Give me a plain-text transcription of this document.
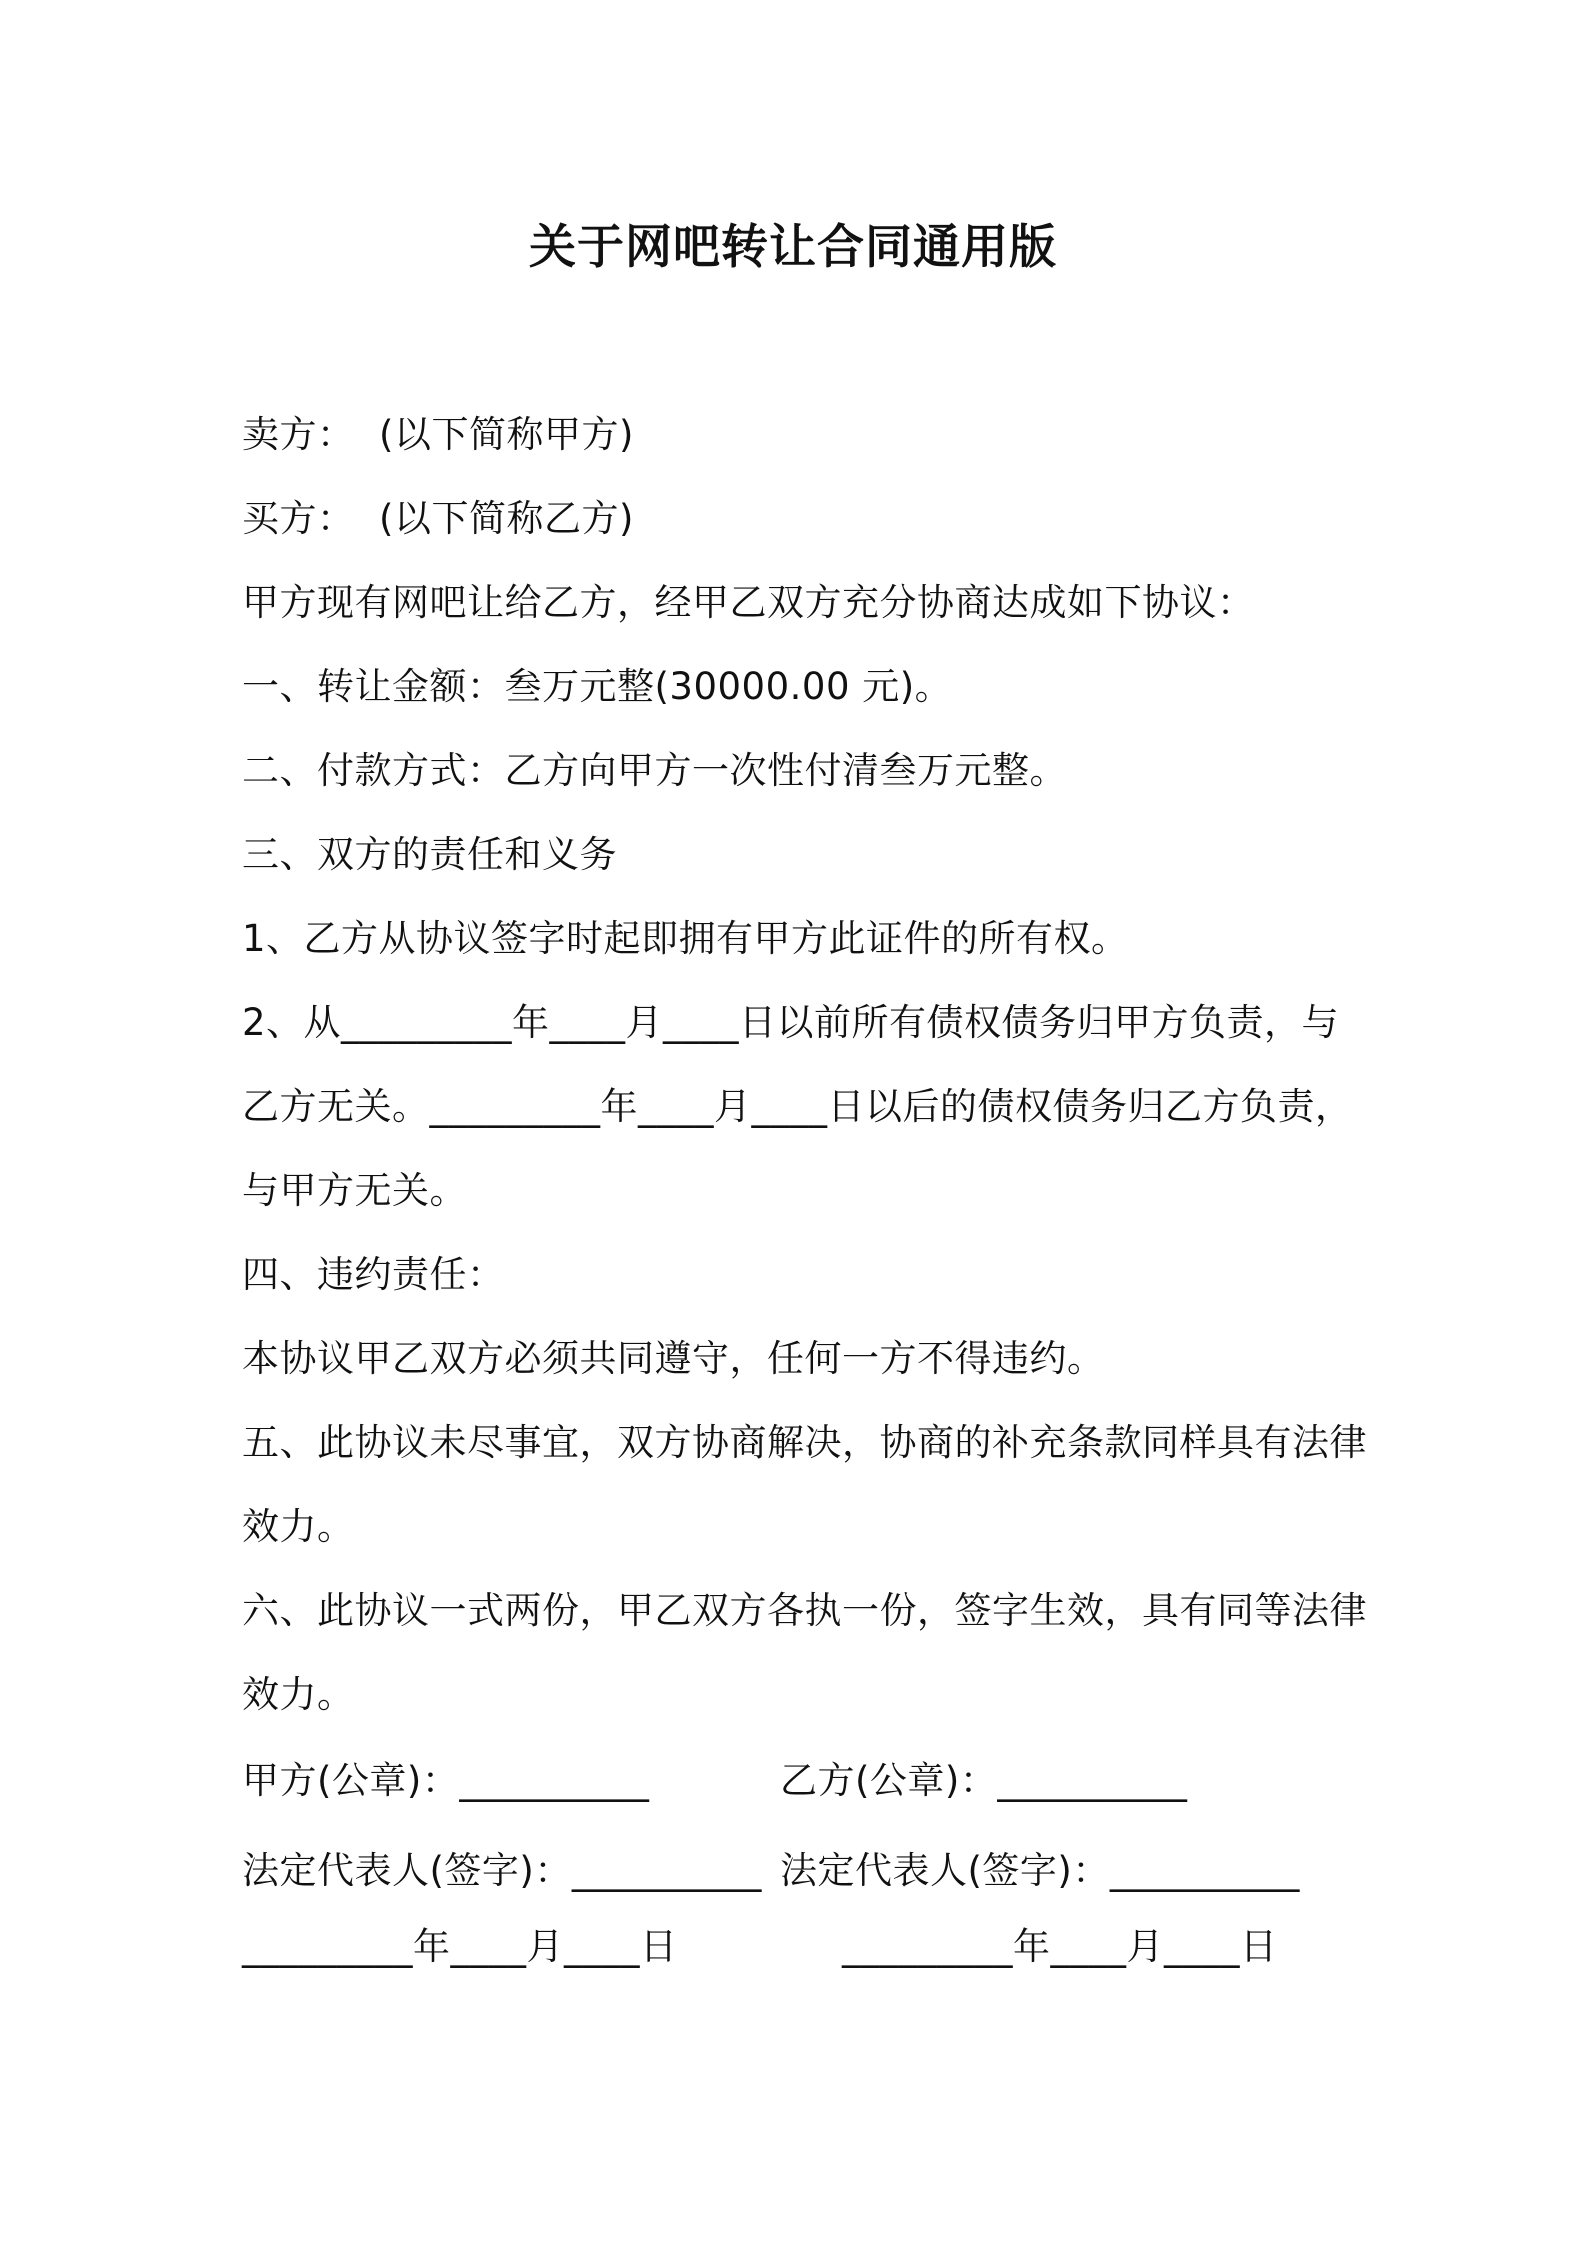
关于网吧转让合同通用版
卖方：  (以下简称甲方)
买方：  (以下简称乙方)
甲方现有网吧让给乙方，经甲乙双方充分协商达成如下协议：
一、转让金额：叁万元整(30000.00 元)。
二、付款方式：乙方向甲方一次性付清叁万元整。
三、双方的责任和义务
1、乙方从协议签字时起即拥有甲方此证件的所有权。
2、从_________年____月____日以前所有债权债务归甲方负责，与
乙方无关。_________年____月____日以后的债权债务归乙方负责，
与甲方无关。
四、违约责任：
本协议甲乙双方必须共同遵守，任何一方不得违约。
五、此协议未尽事宜，双方协商解决，协商的补充条款同样具有法律
效力。
六、此协议一式两份，甲乙双方各执一份，签字生效，具有同等法律
效力。
甲方(公章)：__________	乙方(公章)：__________
法定代表人(签字)：__________ 法定代表人(签字)：__________
_________年____月____日	_________年____月____日
